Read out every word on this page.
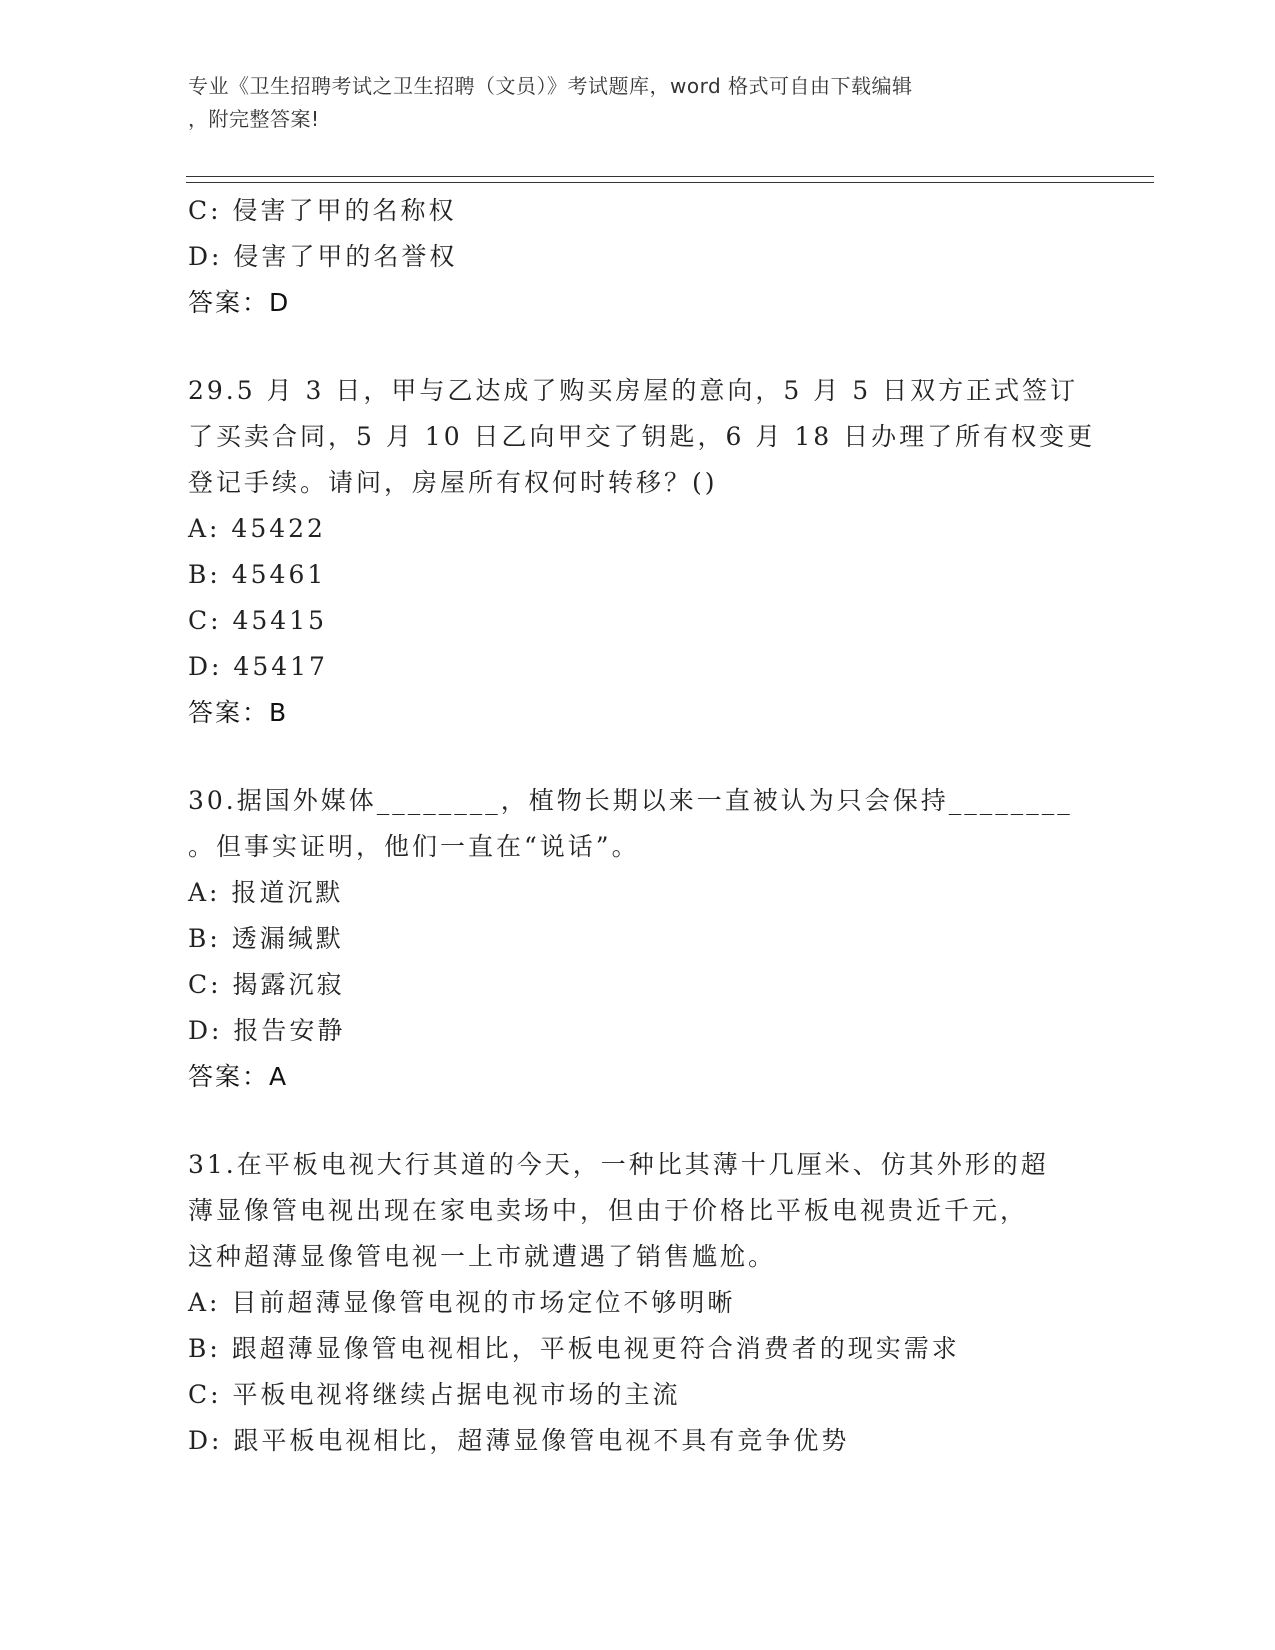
专业《卫生招聘考试之卫生招聘（文员）》考试题库，word 格式可自由下载编辑
，附完整答案!
C: 侵害了甲的名称权
D: 侵害了甲的名誉权
答案：D
29.5 月 3 日，甲与乙达成了购买房屋的意向，5 月 5 日双方正式签订
了买卖合同，5 月 10 日乙向甲交了钥匙，6 月 18 日办理了所有权变更
登记手续。请问，房屋所有权何时转移？()
A: 45422
B: 45461
C: 45415
D: 45417
答案：B
30.据国外媒体________，植物长期以来一直被认为只会保持________
。但事实证明，他们一直在“说话”。
A: 报道沉默
B: 透漏缄默
C: 揭露沉寂
D: 报告安静
答案：A
31.在平板电视大行其道的今天，一种比其薄十几厘米、仿其外形的超
薄显像管电视出现在家电卖场中，但由于价格比平板电视贵近千元，
这种超薄显像管电视一上市就遭遇了销售尴尬。
A: 目前超薄显像管电视的市场定位不够明晰
B: 跟超薄显像管电视相比，平板电视更符合消费者的现实需求
C: 平板电视将继续占据电视市场的主流
D: 跟平板电视相比，超薄显像管电视不具有竞争优势
